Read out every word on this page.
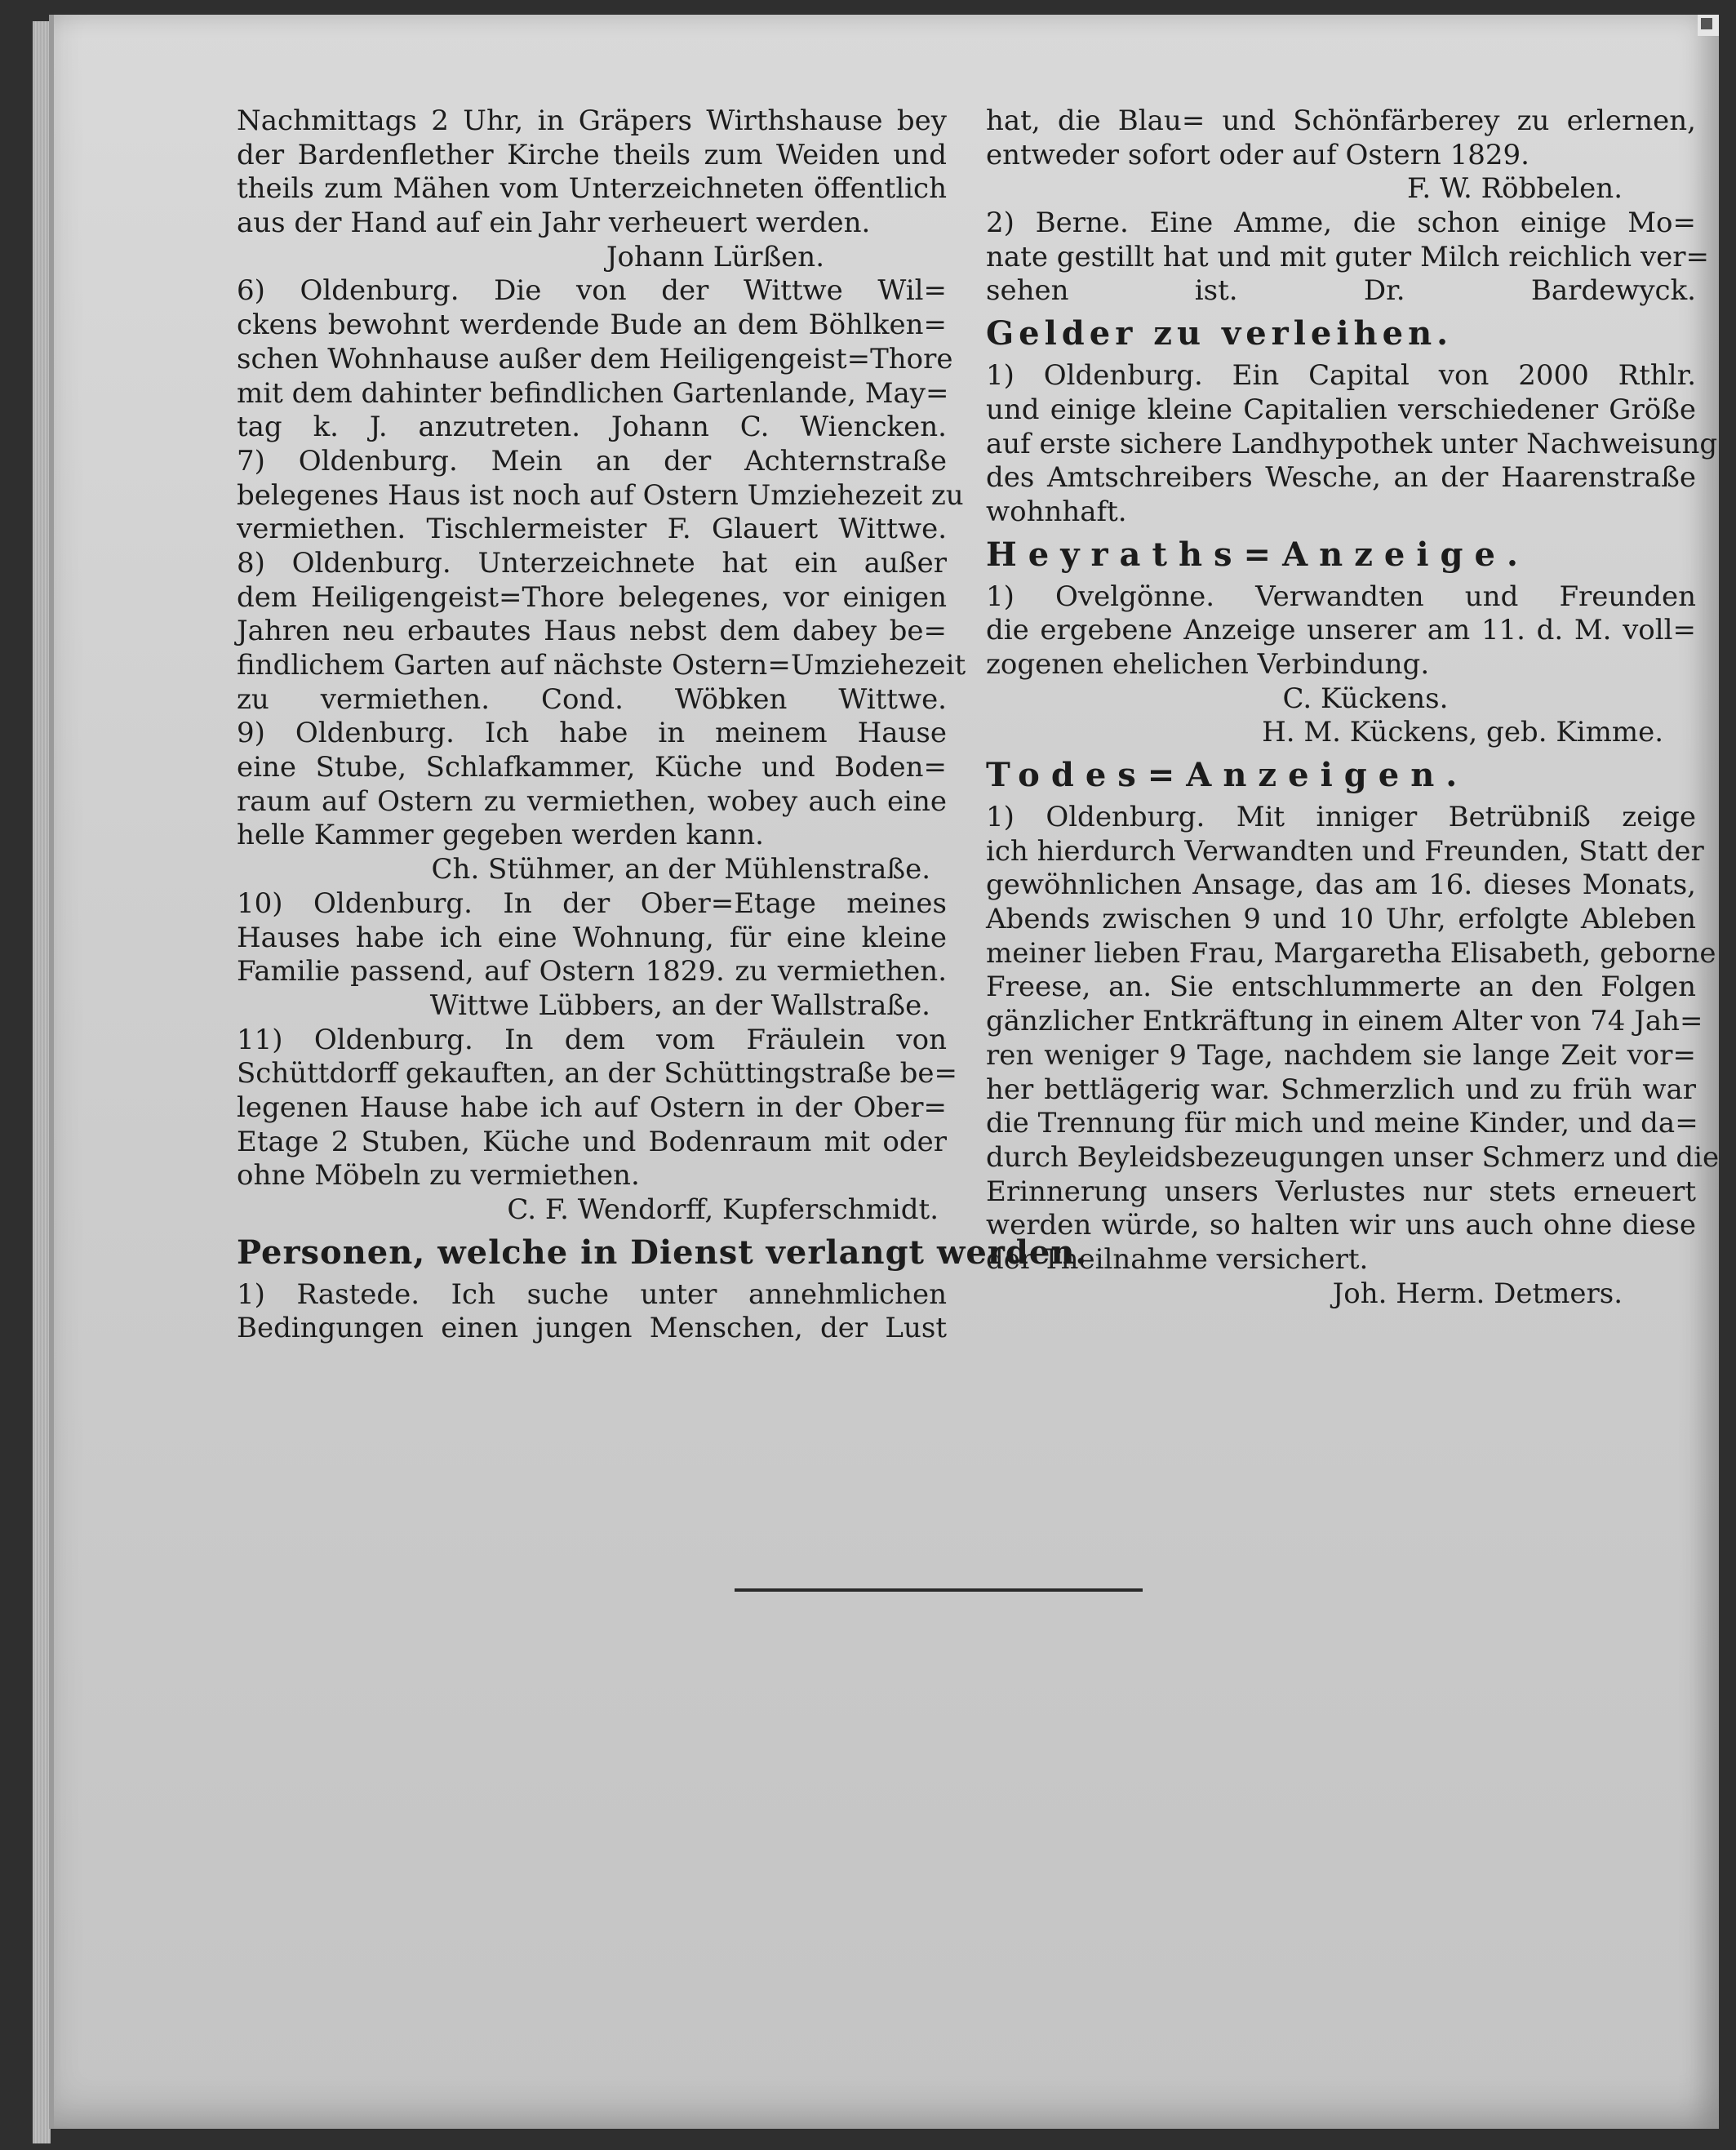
Nachmittags 2 Uhr, in Gräpers Wirthshause bey
der Bardenflether Kirche theils zum Weiden und
theils zum Mähen vom Unterzeichneten öffentlich
aus der Hand auf ein Jahr verheuert werden.
Johann Lürßen.
6) Oldenburg. Die von der Wittwe Wil=
ckens bewohnt werdende Bude an dem Böhlken=
schen Wohnhause außer dem Heiligengeist=Thore
mit dem dahinter befindlichen Gartenlande, May=
tag k. J. anzutreten. Johann C. Wiencken.
7) Oldenburg. Mein an der Achternstraße
belegenes Haus ist noch auf Ostern Umziehezeit zu
vermiethen. Tischlermeister F. Glauert Wittwe.
8) Oldenburg. Unterzeichnete hat ein außer
dem Heiligengeist=Thore belegenes, vor einigen
Jahren neu erbautes Haus nebst dem dabey be=
findlichem Garten auf nächste Ostern=Umziehezeit
zu vermiethen. Cond. Wöbken Wittwe.
9) Oldenburg. Ich habe in meinem Hause
eine Stube, Schlafkammer, Küche und Boden=
raum auf Ostern zu vermiethen, wobey auch eine
helle Kammer gegeben werden kann.
Ch. Stühmer, an der Mühlenstraße.
10) Oldenburg. In der Ober=Etage meines
Hauses habe ich eine Wohnung, für eine kleine
Familie passend, auf Ostern 1829. zu vermiethen.
Wittwe Lübbers, an der Wallstraße.
11) Oldenburg. In dem vom Fräulein von
Schüttdorff gekauften, an der Schüttingstraße be=
legenen Hause habe ich auf Ostern in der Ober=
Etage 2 Stuben, Küche und Bodenraum mit oder
ohne Möbeln zu vermiethen.
C. F. Wendorff, Kupferschmidt.
Personen, welche in Dienst verlangt werden.
1) Rastede. Ich suche unter annehmlichen
Bedingungen einen jungen Menschen, der Lust
hat, die Blau= und Schönfärberey zu erlernen,
entweder sofort oder auf Ostern 1829.
F. W. Röbbelen.
2) Berne. Eine Amme, die schon einige Mo=
nate gestillt hat und mit guter Milch reichlich ver=
sehen ist. Dr. Bardewyck.
Gelder zu verleihen.
1) Oldenburg. Ein Capital von 2000 Rthlr.
und einige kleine Capitalien verschiedener Größe
auf erste sichere Landhypothek unter Nachweisung
des Amtschreibers Wesche, an der Haarenstraße
wohnhaft.
Heyraths=Anzeige.
1) Ovelgönne. Verwandten und Freunden
die ergebene Anzeige unserer am 11. d. M. voll=
zogenen ehelichen Verbindung.
C. Kückens.
H. M. Kückens, geb. Kimme.
Todes=Anzeigen.
1) Oldenburg. Mit inniger Betrübniß zeige
ich hierdurch Verwandten und Freunden, Statt der
gewöhnlichen Ansage, das am 16. dieses Monats,
Abends zwischen 9 und 10 Uhr, erfolgte Ableben
meiner lieben Frau, Margaretha Elisabeth, geborne
Freese, an. Sie entschlummerte an den Folgen
gänzlicher Entkräftung in einem Alter von 74 Jah=
ren weniger 9 Tage, nachdem sie lange Zeit vor=
her bettlägerig war. Schmerzlich und zu früh war
die Trennung für mich und meine Kinder, und da=
durch Beyleidsbezeugungen unser Schmerz und die
Erinnerung unsers Verlustes nur stets erneuert
werden würde, so halten wir uns auch ohne diese
der Theilnahme versichert.
Joh. Herm. Detmers.
